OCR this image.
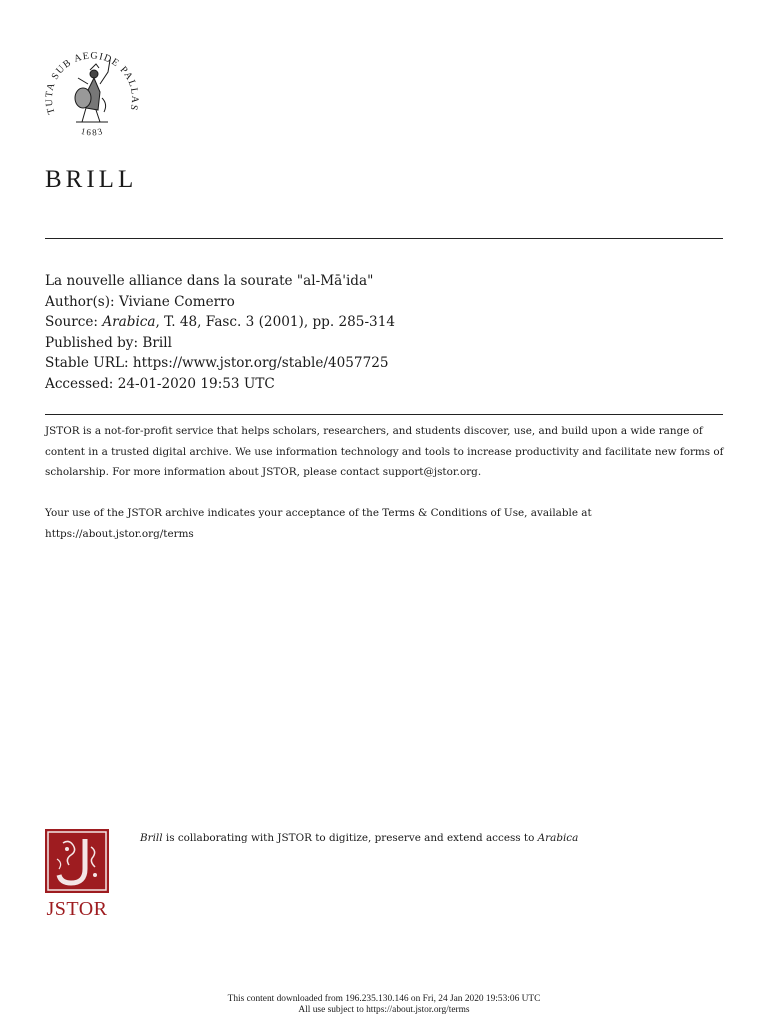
TUTA SUB AEGIDE PALLAS
1683
BRILL
La nouvelle alliance dans la sourate "al-Mā'ida"
Author(s): Viviane Comerro
Source: Arabica, T. 48, Fasc. 3 (2001), pp. 285-314
Published by: Brill
Stable URL: https://www.jstor.org/stable/4057725
Accessed: 24-01-2020 19:53 UTC

JSTOR is a not-for-profit service that helps scholars, researchers, and students discover, use, and build upon a wide range of content in a trusted digital archive. We use information technology and tools to increase productivity and facilitate new forms of scholarship. For more information about JSTOR, please contact support@jstor.org.

Your use of the JSTOR archive indicates your acceptance of the Terms & Conditions of Use, available at https://about.jstor.org/terms

JSTOR
Brill is collaborating with JSTOR to digitize, preserve and extend access to Arabica
This content downloaded from 196.235.130.146 on Fri, 24 Jan 2020 19:53:06 UTC
All use subject to https://about.jstor.org/terms
